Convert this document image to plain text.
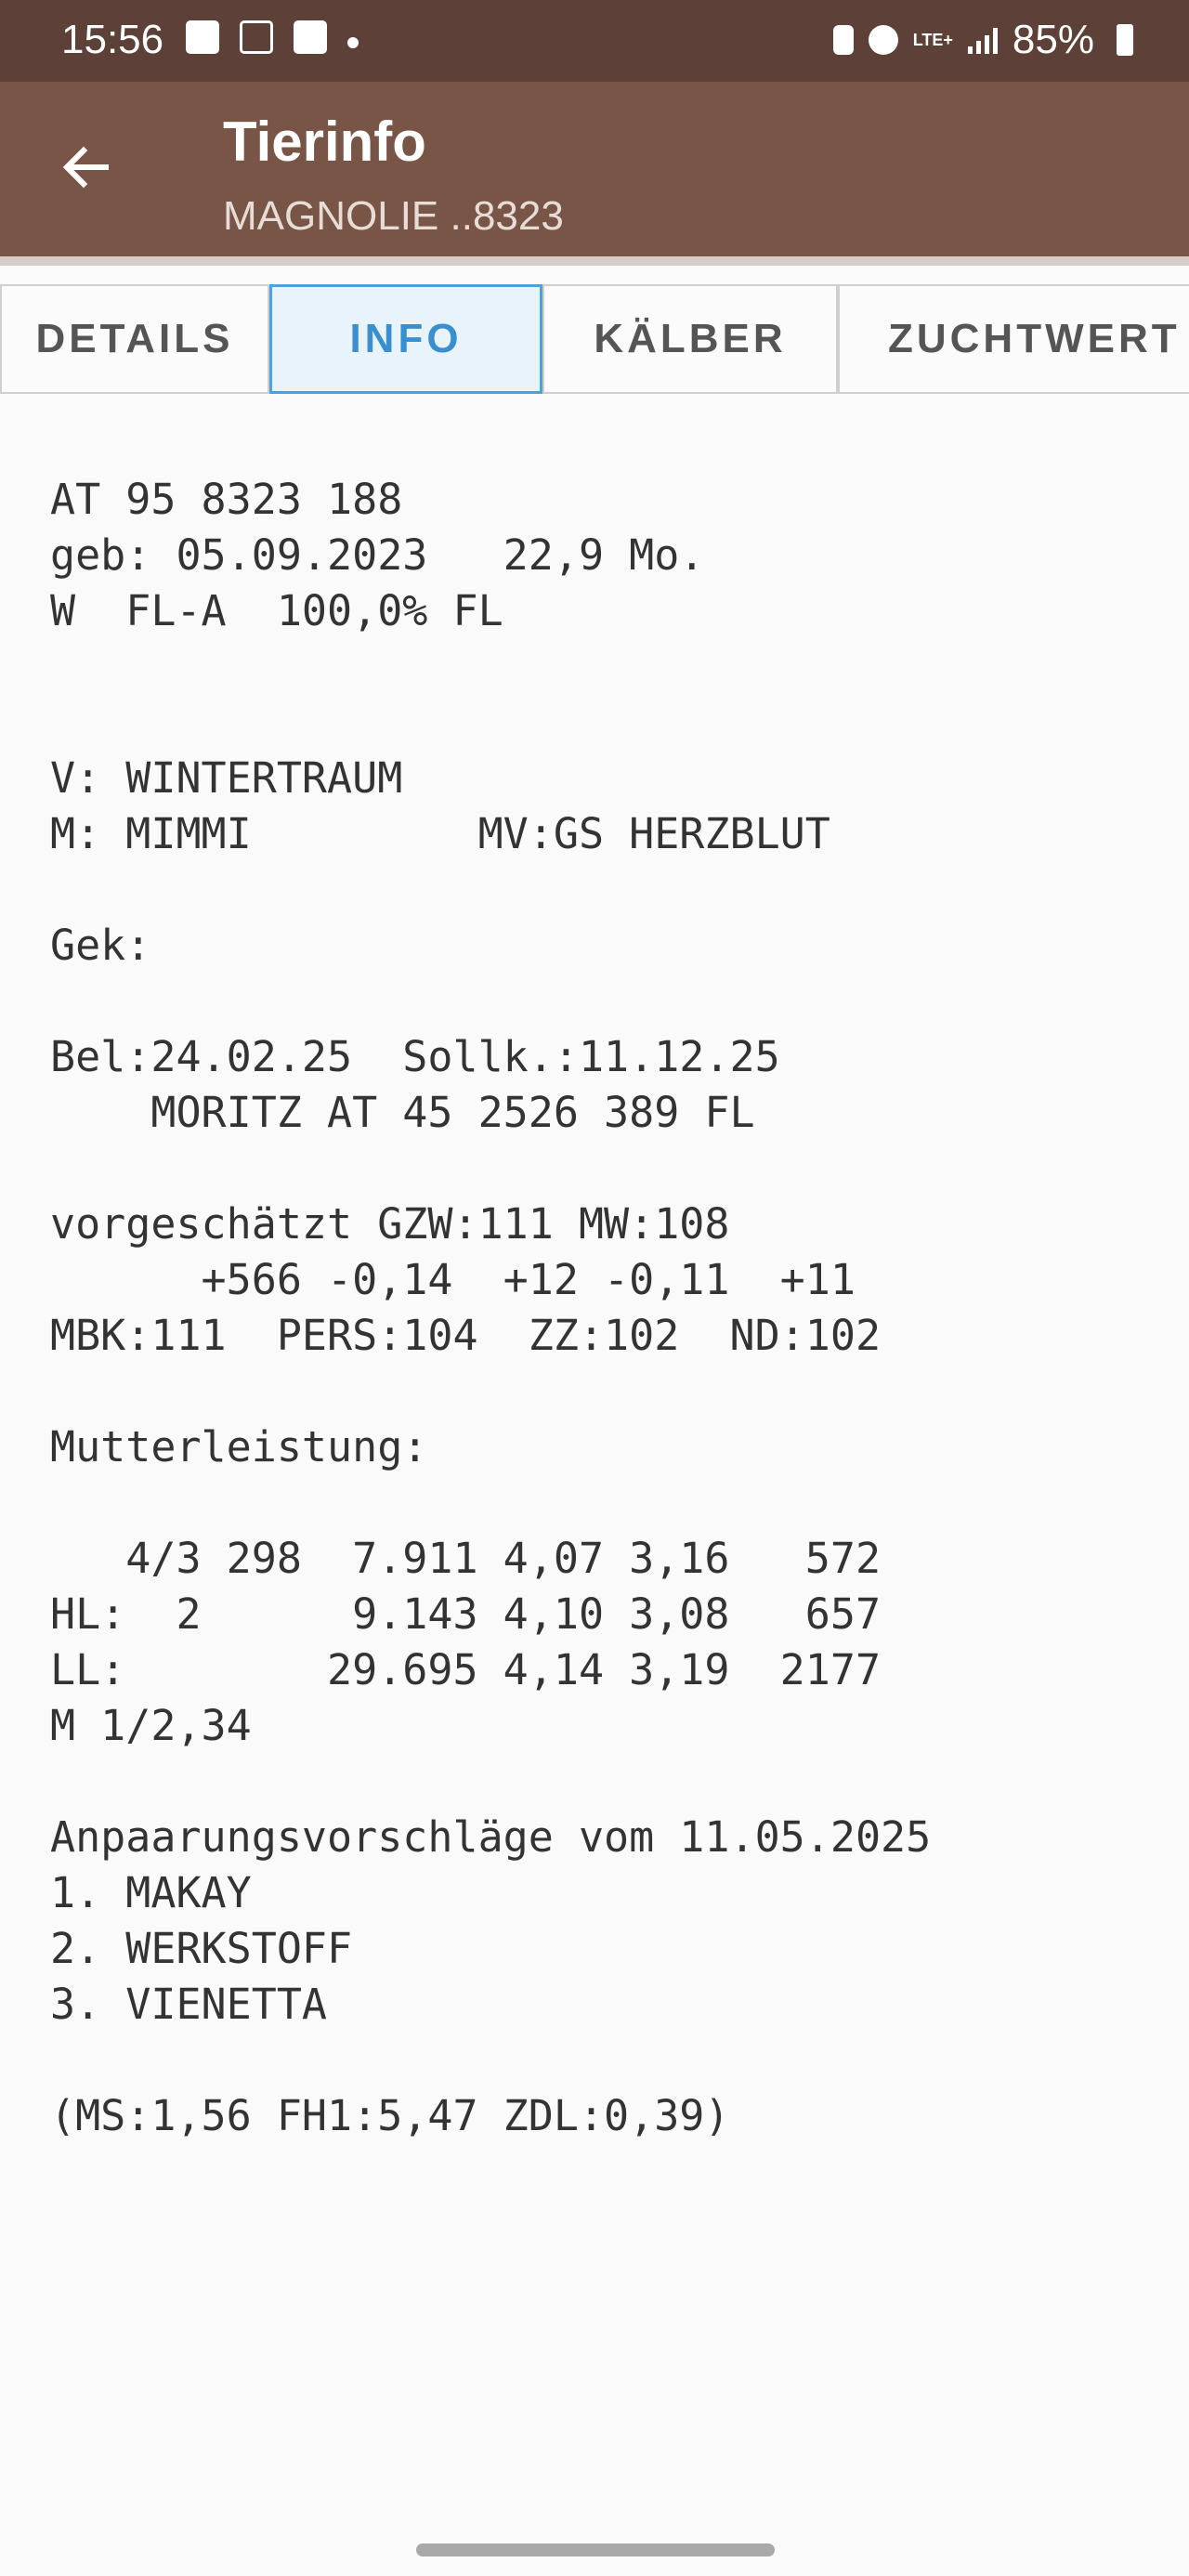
15:56	LTE+ 85%
Tierinfo
MAGNOLIE ..8323
DETAILS	INFO	KÄLBER	ZUCHTWERT
AT 95 8323 188
geb: 05.09.2023   22,9 Mo.
W  FL-A  100,0% FL
V: WINTERTRAUM
M: MIMMI         MV:GS HERZBLUT
Gek:
Bel:24.02.25  Sollk.:11.12.25
MORITZ AT 45 2526 389 FL
vorgeschätzt GZW:111 MW:108
+566 -0,14  +12 -0,11  +11
MBK:111  PERS:104  ZZ:102  ND:102
Mutterleistung:
4/3 298  7.911 4,07 3,16   572
HL:  2      9.143 4,10 3,08   657
LL:        29.695 4,14 3,19  2177
M 1/2,34
Anpaarungsvorschläge vom 11.05.2025
1. MAKAY
2. WERKSTOFF
3. VIENETTA
(MS:1,56 FH1:5,47 ZDL:0,39)
